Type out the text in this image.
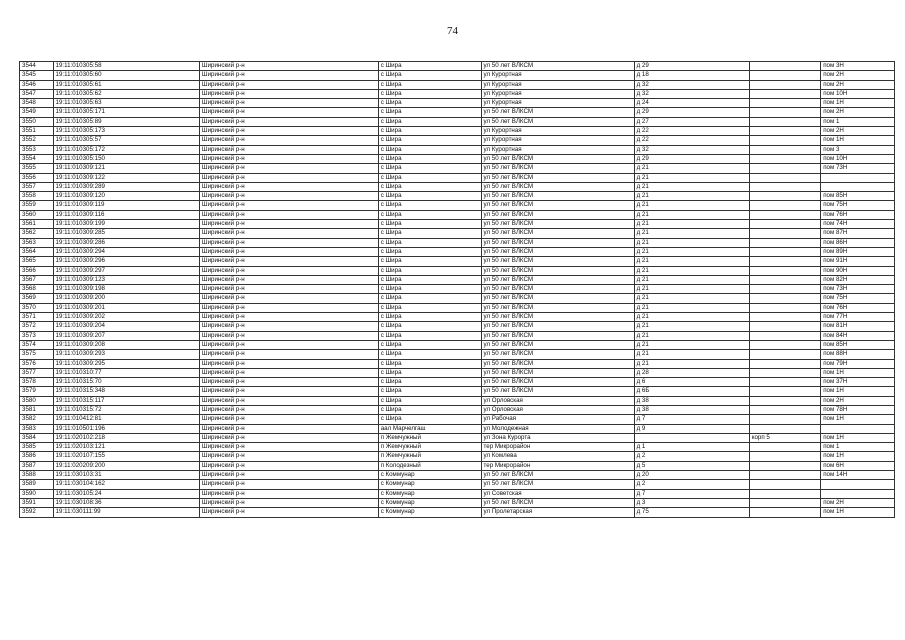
74
3544	19:11:010305:58	Ширинский р-н	с Шира	ул 50 лет ВЛКСМ	д 29		пом 3Н
3545	19:11:010305:60	Ширинский р-н	с Шира	ул Курортная	д 18		пом 2Н
3546	19:11:010305:61	Ширинский р-н	с Шира	ул Курортная	д 32		пом 2Н
3547	19:11:010305:62	Ширинский р-н	с Шира	ул Курортная	д 32		пом 10Н
3548	19:11:010305:63	Ширинский р-н	с Шира	ул Курортная	д 24		пом 1Н
3549	19:11:010305:171	Ширинский р-н	с Шира	ул 50 лет ВЛКСМ	д 29		пом 2Н
3550	19:11:010305:89	Ширинский р-н	с Шира	ул 50 лет ВЛКСМ	д 27		пом 1
3551	19:11:010305:173	Ширинский р-н	с Шира	ул Курортная	д 22		пом 2Н
3552	19:11:010305:57	Ширинский р-н	с Шира	ул Курортная	д 22		пом 1Н
3553	19:11:010305:172	Ширинский р-н	с Шира	ул Курортная	д 32		пом 3
3554	19:11:010305:150	Ширинский р-н	с Шира	ул 50 лет ВЛКСМ	д 29		пом 10Н
3555	19:11:010309:121	Ширинский р-н	с Шира	ул 50 лет ВЛКСМ	д 21		пом 73Н
3556	19:11:010309:122	Ширинский р-н	с Шира	ул 50 лет ВЛКСМ	д 21		
3557	19:11:010309:289	Ширинский р-н	с Шира	ул 50 лет ВЛКСМ	д 21		
3558	19:11:010309:120	Ширинский р-н	с Шира	ул 50 лет ВЛКСМ	д 21		пом 85Н
3559	19:11:010309:119	Ширинский р-н	с Шира	ул 50 лет ВЛКСМ	д 21		пом 75Н
3560	19:11:010309:116	Ширинский р-н	с Шира	ул 50 лет ВЛКСМ	д 21		пом 76Н
3561	19:11:010309:199	Ширинский р-н	с Шира	ул 50 лет ВЛКСМ	д 21		пом 74Н
3562	19:11:010309:285	Ширинский р-н	с Шира	ул 50 лет ВЛКСМ	д 21		пом 87Н
3563	19:11:010309:286	Ширинский р-н	с Шира	ул 50 лет ВЛКСМ	д 21		пом 86Н
3564	19:11:010309:294	Ширинский р-н	с Шира	ул 50 лет ВЛКСМ	д 21		пом 89Н
3565	19:11:010309:296	Ширинский р-н	с Шира	ул 50 лет ВЛКСМ	д 21		пом 91Н
3566	19:11:010309:297	Ширинский р-н	с Шира	ул 50 лет ВЛКСМ	д 21		пом 90Н
3567	19:11:010309:123	Ширинский р-н	с Шира	ул 50 лет ВЛКСМ	д 21		пом 82Н
3568	19:11:010309:198	Ширинский р-н	с Шира	ул 50 лет ВЛКСМ	д 21		пом 73Н
3569	19:11:010309:200	Ширинский р-н	с Шира	ул 50 лет ВЛКСМ	д 21		пом 75Н
3570	19:11:010309:201	Ширинский р-н	с Шира	ул 50 лет ВЛКСМ	д 21		пом 76Н
3571	19:11:010309:202	Ширинский р-н	с Шира	ул 50 лет ВЛКСМ	д 21		пом 77Н
3572	19:11:010309:204	Ширинский р-н	с Шира	ул 50 лет ВЛКСМ	д 21		пом 81Н
3573	19:11:010309:207	Ширинский р-н	с Шира	ул 50 лет ВЛКСМ	д 21		пом 84Н
3574	19:11:010309:208	Ширинский р-н	с Шира	ул 50 лет ВЛКСМ	д 21		пом 85Н
3575	19:11:010309:293	Ширинский р-н	с Шира	ул 50 лет ВЛКСМ	д 21		пом 88Н
3576	19:11:010309:295	Ширинский р-н	с Шира	ул 50 лет ВЛКСМ	д 21		пом 79Н
3577	19:11:010310:77	Ширинский р-н	с Шира	ул 50 лет ВЛКСМ	д 28		пом 1Н
3578	19:11:010315:70	Ширинский р-н	с Шира	ул 50 лет ВЛКСМ	д 6		пом 37Н
3579	19:11:010315:348	Ширинский р-н	с Шира	ул 50 лет ВЛКСМ	д 6Б		пом 1Н
3580	19:11:010315:117	Ширинский р-н	с Шира	ул Орловская	д 38		пом 2Н
3581	19:11:010315:72	Ширинский р-н	с Шира	ул Орловская	д 38		пом 78Н
3582	19:11:010412:81	Ширинский р-н	с Шира	ул Рабочая	д 7		пом 1Н
3583	19:11:010501:196	Ширинский р-н	аал Марчелгаш	ул Молодежная	д 9		
3584	19:11:020102:218	Ширинский р-н	п Жемчужный	ул Зона Курорта		корп 5	пом 1Н
3585	19:11:020103:121	Ширинский р-н	п Жемчужный	тер Микрорайон	д 1		пом 1
3586	19:11:020107:155	Ширинский р-н	п Жемчужный	ул Комлева	д 2		пом 1Н
3587	19:11:020209:200	Ширинский р-н	п Колодезный	тер Микрорайон	д 5		пом 6Н
3588	19:11:030103:31	Ширинский р-н	с Коммунар	ул 50 лет ВЛКСМ	д 20		пом 14Н
3589	19:11:030104:162	Ширинский р-н	с Коммунар	ул 50 лет ВЛКСМ	д 2		
3590	19:11:030105:24	Ширинский р-н	с Коммунар	ул Советская	д 7		
3591	19:11:030108:36	Ширинский р-н	с Коммунар	ул 50 лет ВЛКСМ	д 3		пом 2Н
3592	19:11:030111:99	Ширинский р-н	с Коммунар	ул Пролетарская	д 75		пом 1Н
